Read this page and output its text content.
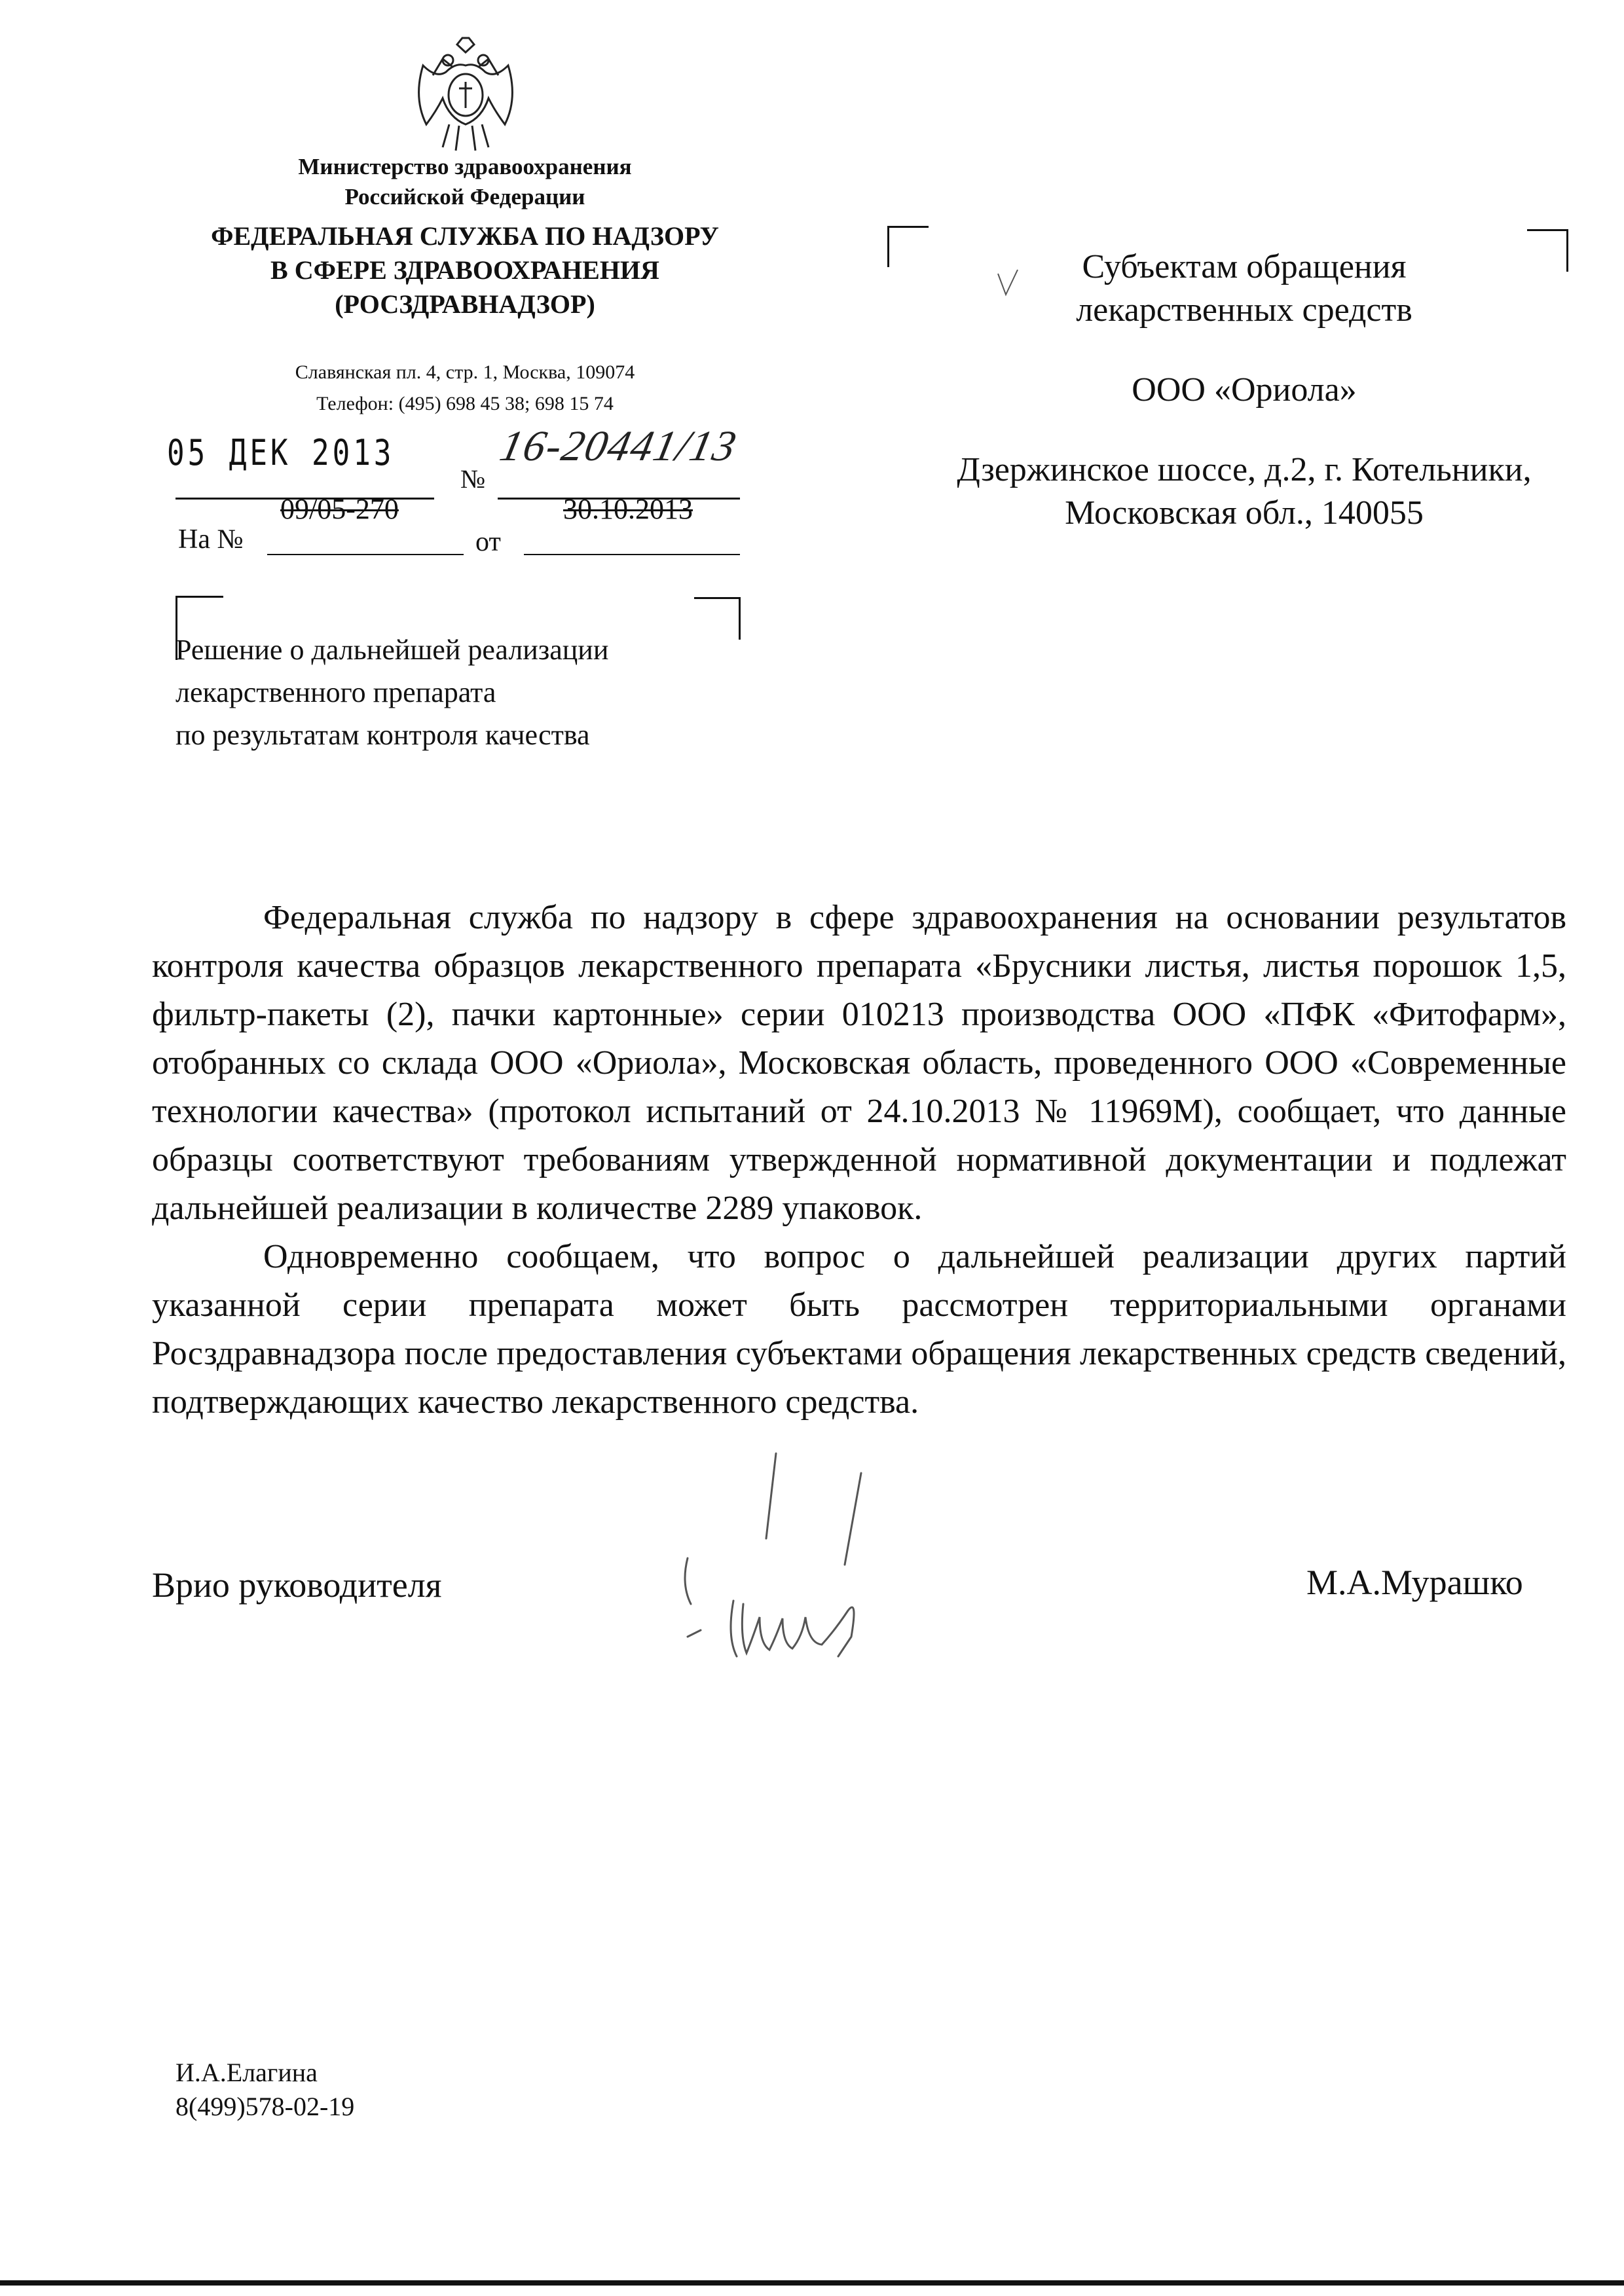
Министерство здравоохранения
Российской Федерации
ФЕДЕРАЛЬНАЯ СЛУЖБА ПО НАДЗОРУ
В СФЕРЕ ЗДРАВООХРАНЕНИЯ
(РОСЗДРАВНАДЗОР)
Славянская пл. 4, стр. 1, Москва, 109074
Телефон: (495) 698 45 38; 698 15 74
05 ДЕК 2013 16-20441/13
№
09/05-270	30.10.2013
На №	от
Субъектам обращения
лекарственных средств
ООО «Ориола»
Дзержинское шоссе, д.2, г. Котельники,
Московская обл., 140055
Решение о дальнейшей реализации
лекарственного препарата
по результатам контроля качества

Федеральная служба по надзору в сфере здравоохранения на основании результатов контроля качества образцов лекарственного препарата «Брусники листья, листья порошок 1,5, фильтр-пакеты (2), пачки картонные» серии 010213 производства ООО «ПФК «Фитофарм», отобранных со склада ООО «Ориола», Московская область, проведенного ООО «Современные технологии качества» (протокол испытаний от 24.10.2013 № 11969М), сообщает, что данные образцы соответствуют требованиям утвержденной нормативной документации и подлежат дальнейшей реализации в количестве 2289 упаковок.

Одновременно сообщаем, что вопрос о дальнейшей реализации других партий указанной серии препарата может быть рассмотрен территориальными органами Росздравнадзора после предоставления субъектами обращения лекарственных средств сведений, подтверждающих качество лекарственного средства.

Врио руководителя	М.А.Мурашко
И.А.Елагина
8(499)578-02-19
